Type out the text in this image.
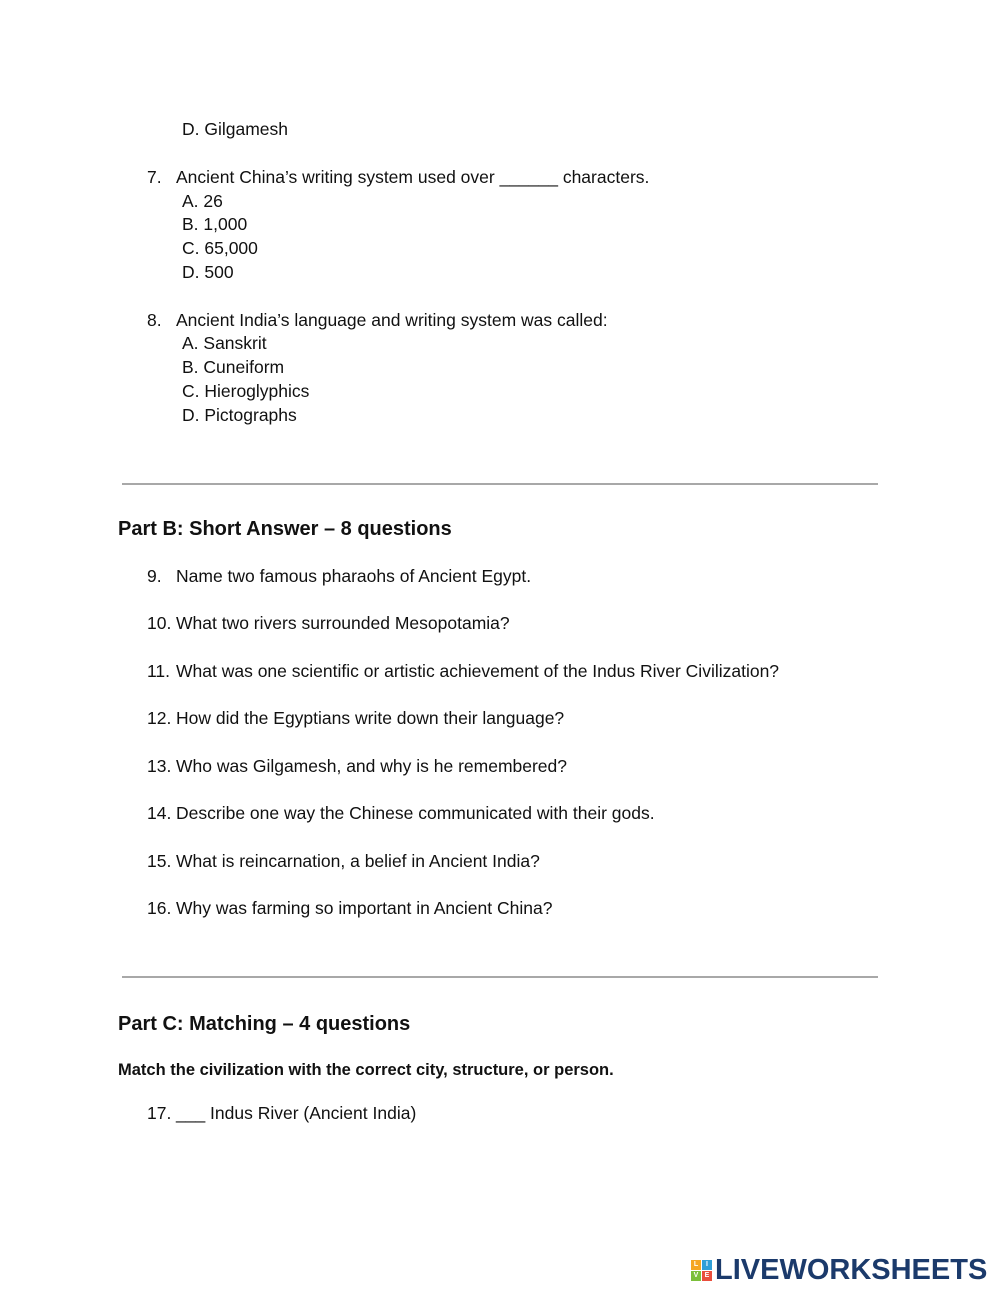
D. Gilgamesh
7. Ancient China’s writing system used over ______ characters.
A. 26
B. 1,000
C. 65,000
D. 500
8. Ancient India’s language and writing system was called:
A. Sanskrit
B. Cuneiform
C. Hieroglyphics
D. Pictographs
Part B: Short Answer – 8 questions
9. Name two famous pharaohs of Ancient Egypt.
10. What two rivers surrounded Mesopotamia?
11. What was one scientific or artistic achievement of the Indus River Civilization?
12. How did the Egyptians write down their language?
13. Who was Gilgamesh, and why is he remembered?
14. Describe one way the Chinese communicated with their gods.
15. What is reincarnation, a belief in Ancient India?
16. Why was farming so important in Ancient China?
Part C: Matching – 4 questions
Match the civilization with the correct city, structure, or person.
17. ___ Indus River (Ancient India)
L	I
V E LIVEWORKSHEETS
